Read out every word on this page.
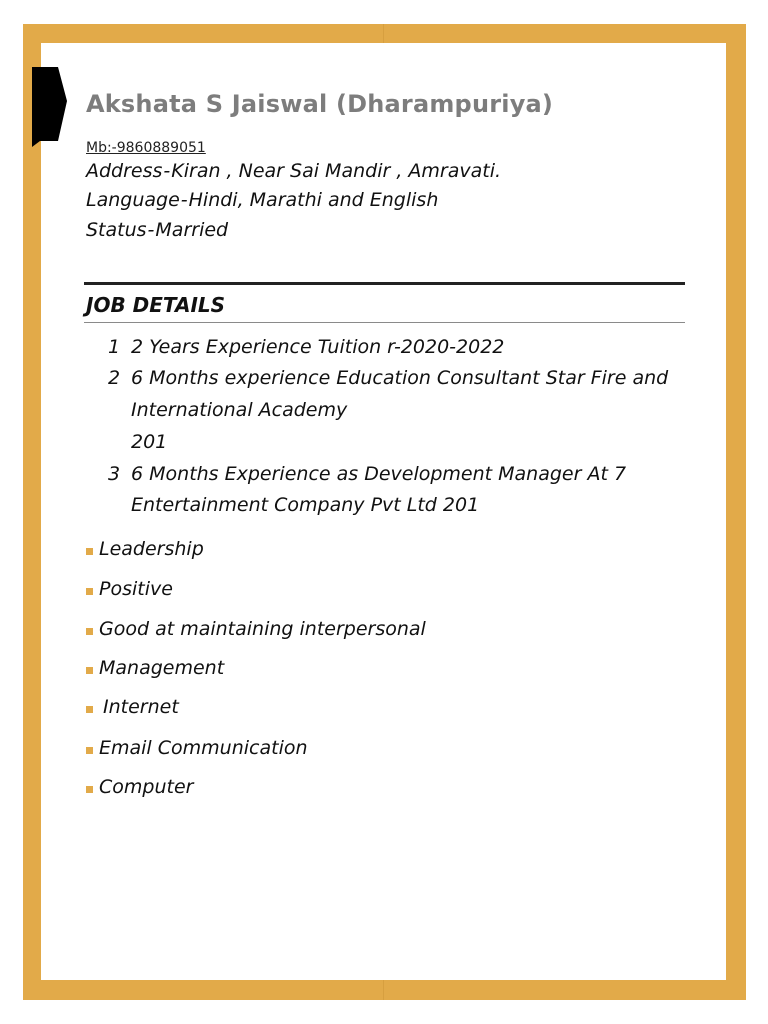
Akshata S Jaiswal (Dharampuriya)
Mb:-9860889051
Address-Kiran , Near Sai Mandir , Amravati.
Language-Hindi, Marathi and English
Status-Married
JOB DETAILS
1 2 Years Experience Tuition r-2020-2022
2 6 Months experience Education Consultant Star Fire and
International Academy
201
3 6 Months Experience as Development Manager At 7
Entertainment Company Pvt Ltd 201
Leadership
Positive
Good at maintaining interpersonal
Management
Internet
Email Communication
Computer
